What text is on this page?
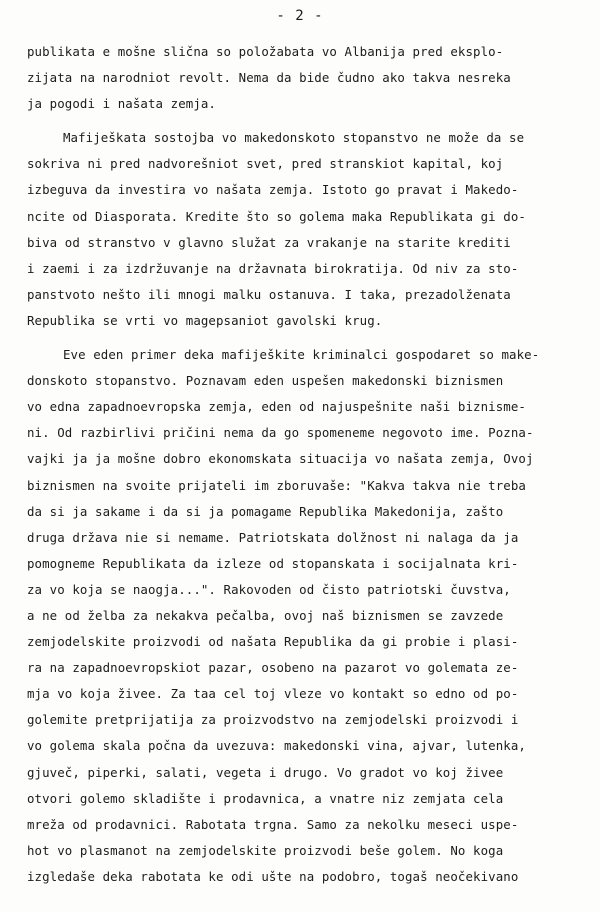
- 2 -
publikata e mošne slična so položabata vo Albanija pred eksplo-
zijata na narodniot revolt. Nema da bide čudno ako takva nesreka
ja pogodi i našata zemja.
Mafiješkata sostojba vo makedonskoto stopanstvo ne može da se
sokriva ni pred nadvorešniot svet, pred stranskiot kapital, koj
izbeguva da investira vo našata zemja. Istoto go pravat i Makedo-
ncite od Diasporata. Kredite što so golema maka Republikata gi do-
biva od stranstvo v glavno služat za vrakanje na starite krediti
i zaemi i za izdržuvanje na državnata birokratija. Od niv za sto-
panstvoto nešto ili mnogi malku ostanuva. I taka, prezadolženata
Republika se vrti vo magepsaniot gavolski krug.
Eve eden primer deka mafiješkite kriminalci gospodaret so make-
donskoto stopanstvo. Poznavam eden uspešen makedonski biznismen
vo edna zapadnoevropska zemja, eden od najuspešnite naši biznisme-
ni. Od razbirlivi pričini nema da go spomeneme negovoto ime. Pozna-
vajki ja ja mošne dobro ekonomskata situacija vo našata zemja, Ovoj
biznismen na svoite prijateli im zboruvaše: "Kakva takva nie treba
da si ja sakame i da si ja pomagame Republika Makedonija, zašto
druga država nie si nemame. Patriotskata dolžnost ni nalaga da ja
pomogneme Republikata da izleze od stopanskata i socijalnata kri-
za vo koja se naogja...". Rakovoden od čisto patriotski čuvstva,
a ne od želba za nekakva pečalba, ovoj naš biznismen se zavzede
zemjodelskite proizvodi od našata Republika da gi probie i plasi-
ra na zapadnoevropskiot pazar, osobeno na pazarot vo golemata ze-
mja vo koja živee. Za taa cel toj vleze vo kontakt so edno od po-
golemite pretprijatija za proizvodstvo na zemjodelski proizvodi i
vo golema skala počna da uvezuva: makedonski vina, ajvar, lutenka,
gjuveč, piperki, salati, vegeta i drugo. Vo gradot vo koj živee
otvori golemo skladište i prodavnica, a vnatre niz zemjata cela
mreža od prodavnici. Rabotata trgna. Samo za nekolku meseci uspe-
hot vo plasmanot na zemjodelskite proizvodi beše golem. No koga
izgledaše deka rabotata ke odi ušte na podobro, togaš neočekivano
